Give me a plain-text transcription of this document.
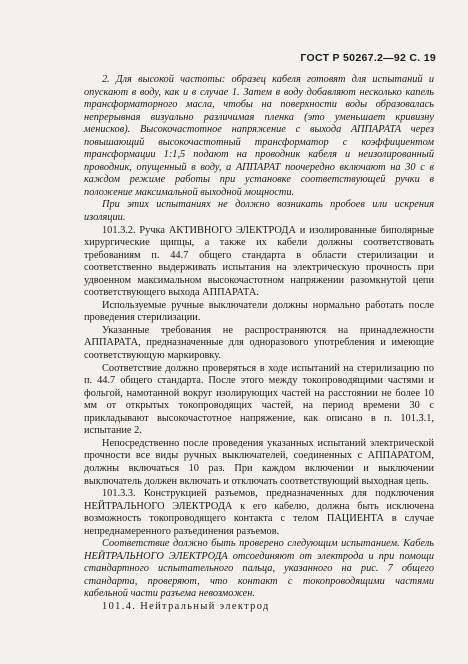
ГОСТ Р 50267.2—92 С. 19

2. Для высокой частоты: образец кабеля готовят для испытаний и опускают в воду, как и в случае 1. Затем в воду добавляют несколько капель трансформаторного масла, чтобы на поверхности воды образовалась непрерывная визуально различимая пленка (это уменьшает кривизну менисков). Высокочастотное напряжение с выхода АППАРАТА через повышающий высокочастотный трансформатор с коэффициентом трансформации 1:1,5 подают на проводник кабеля и неизолированный проводник, опущенный в воду, а АППАРАТ поочередно включают на 30 с в каждом режиме работы при установке соответствующей ручки в положение максимальной выходной мощности.

При этих испытаниях не должно возникать пробоев или искрения изоляции.

101.3.2. Ручка АКТИВНОГО ЭЛЕКТРОДА и изолированные биполярные хирургические щипцы, а также их кабели должны соответствовать требованиям п. 44.7 общего стандарта в области стерилизации и соответственно выдерживать испытания на электрическую прочность при удвоенном максимальном высокочастотном напряжении разомкнутой цепи соответствующего выхода АППАРАТА.

Используемые ручные выключатели должны нормально работать после проведения стерилизации.

Указанные требования не распространяются на принадлежности АППАРАТА, предназначенные для одноразового употребления и имеющие соответствующую маркировку.

Соответствие должно проверяться в ходе испытаний на стерилизацию по п. 44.7 общего стандарта. После этого между токопроводящими частями и фольгой, намотанной вокруг изолирующих частей на расстоянии не более 10 мм от открытых токопроводящих частей, на период времени 30 с прикладывают высокочастотное напряжение, как описано в п. 101.3.1, испытание 2.

Непосредственно после проведения указанных испытаний электрической прочности все виды ручных выключателей, соединенных с АППАРАТОМ, должны включаться 10 раз. При каждом включении и выключении выключатель должен включать и отключать соответствующий выходная цепь.

101.3.3. Конструкцией разъемов, предназначенных для подключения НЕЙТРАЛЬНОГО ЭЛЕКТРОДА к его кабелю, должна быть исключена возможность токопроводящего контакта с телом ПАЦИЕНТА в случае непреднамеренного разъединения разъемов.

Соответствие должно быть проверено следующим испытанием. Кабель НЕЙТРАЛЬНОГО ЭЛЕКТРОДА отсоединяют от электрода и при помощи стандартного испытательного пальца, указанного на рис. 7 общего стандарта, проверяют, что контакт с токопроводящими частями кабельной части разъема невозможен.

101.4. Нейтральный электрод
